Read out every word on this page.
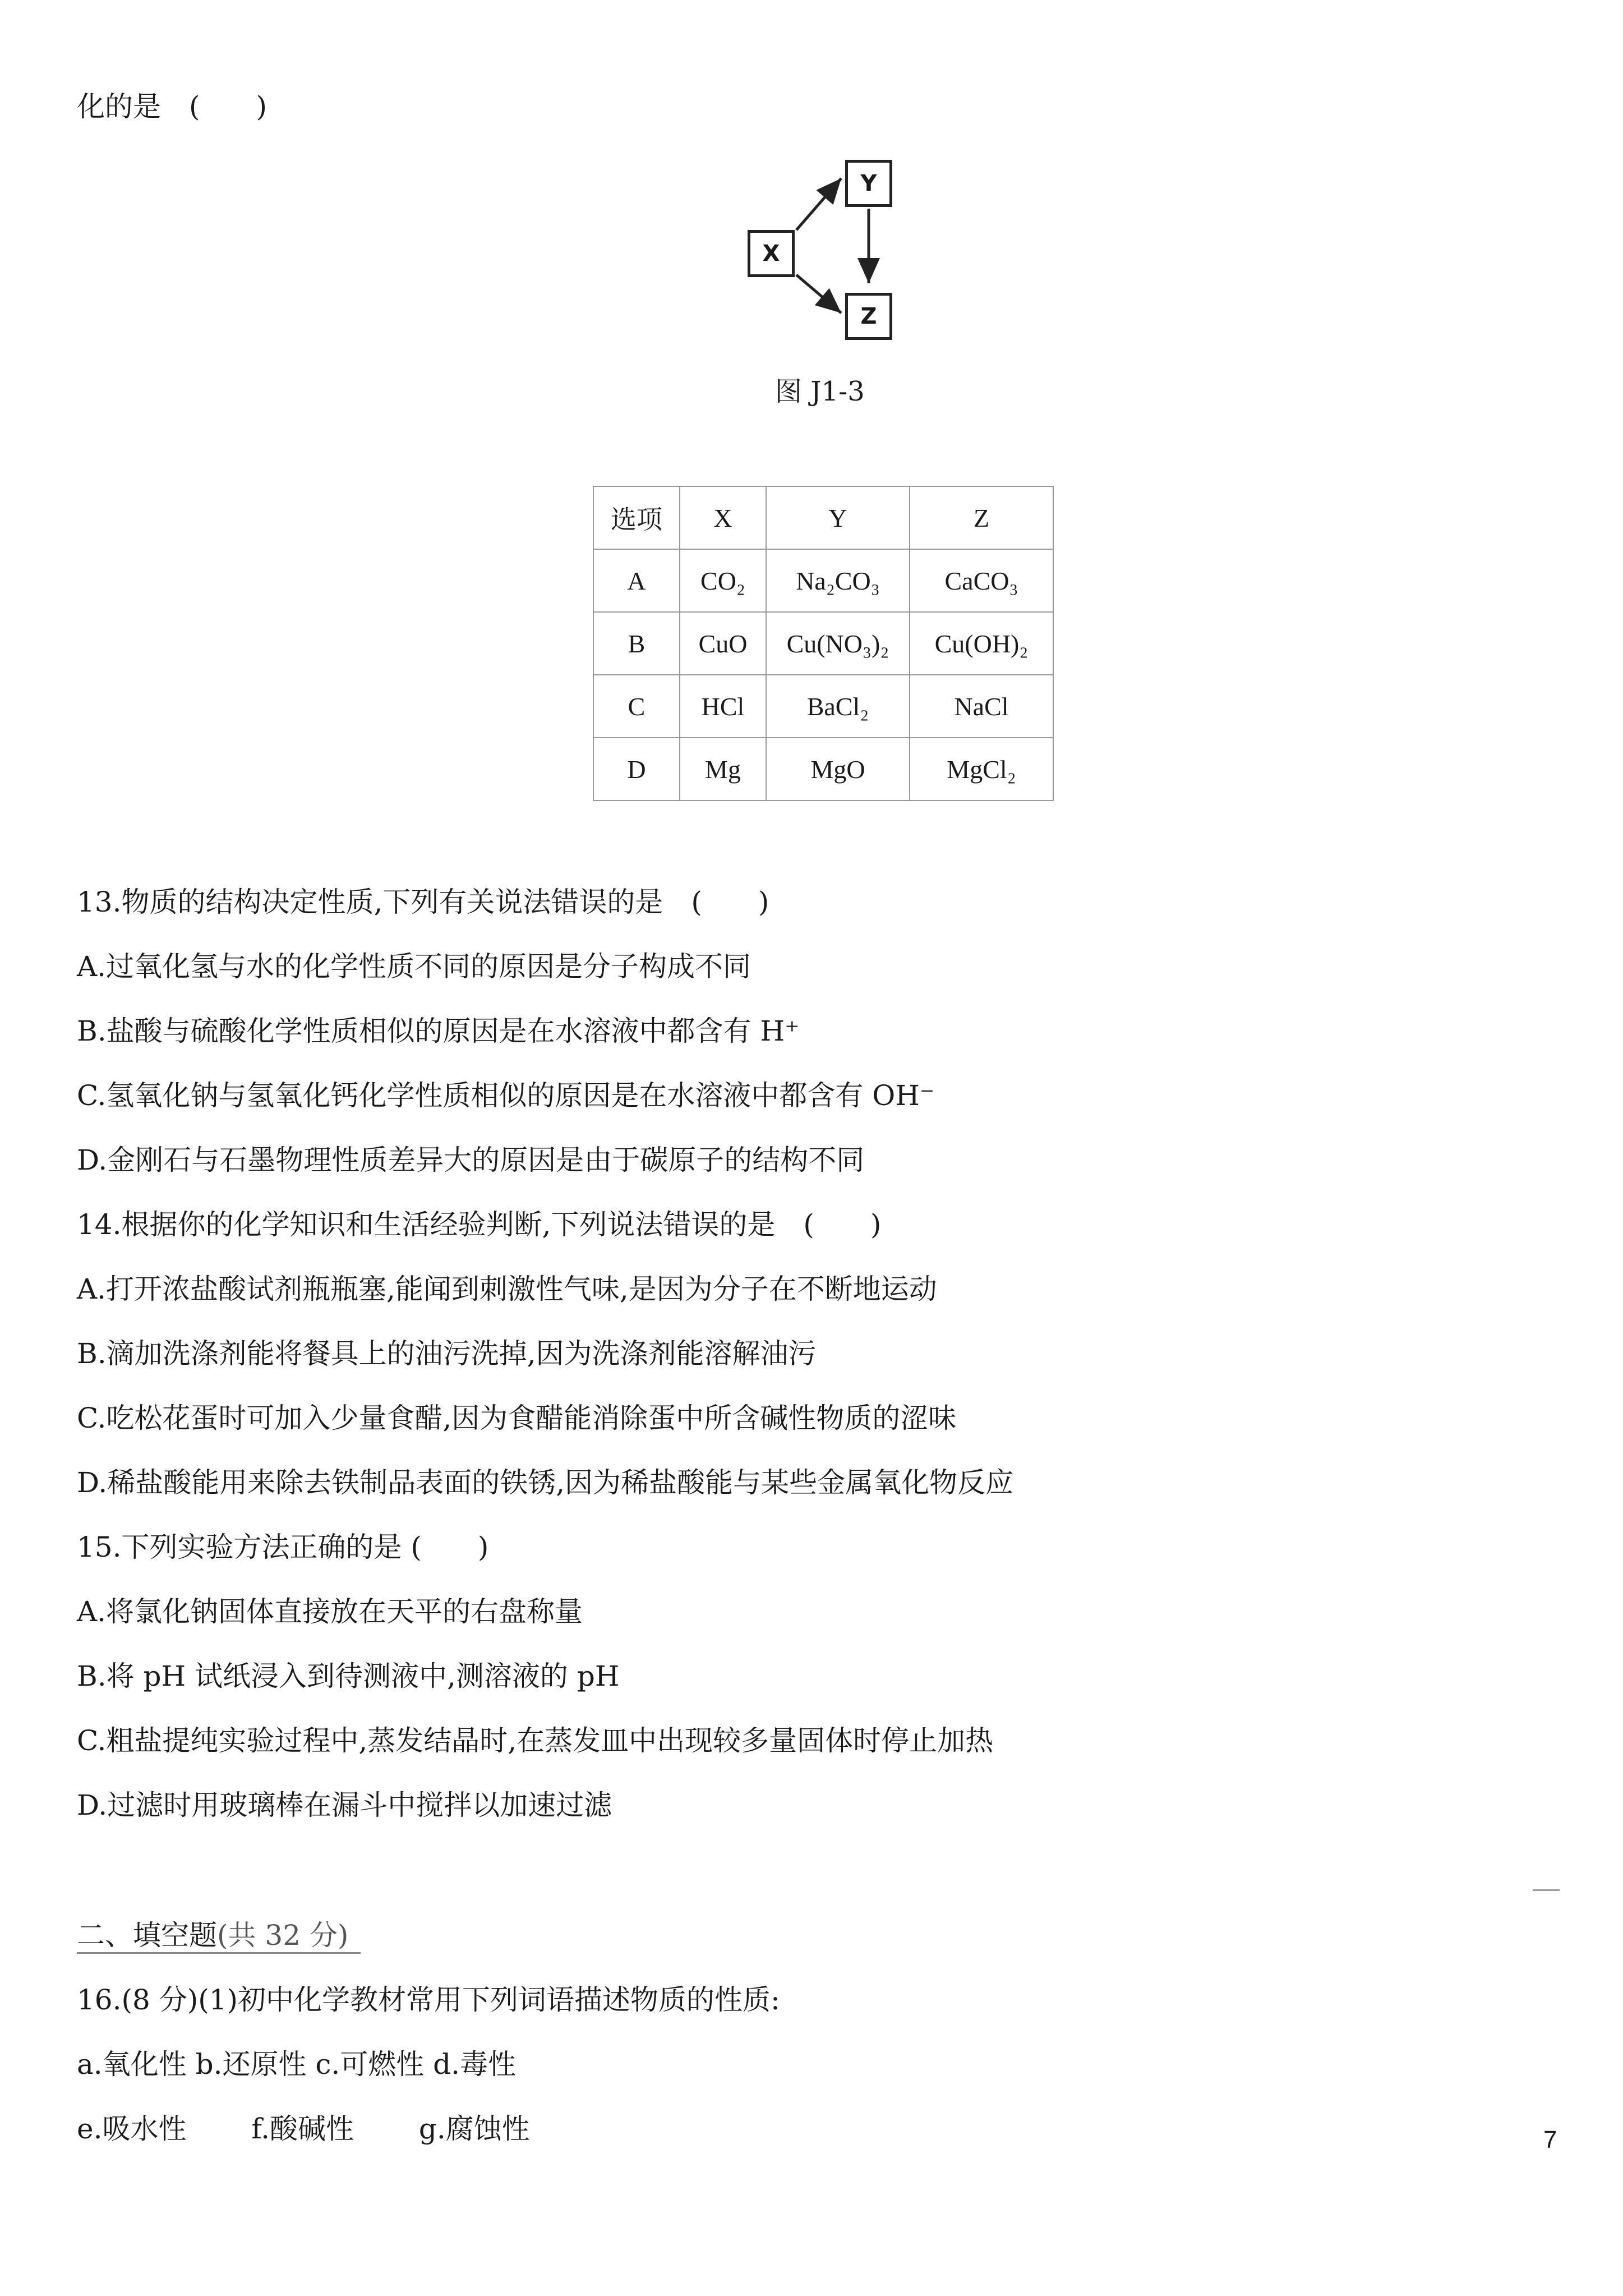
化的是　(　　)
X
Y
Z
图 J1-3
选项	X	Y	Z
A	CO₂	Na₂CO₃	CaCO₃
B	CuO	Cu(NO₃)₂	Cu(OH)₂
C	HCl	BaCl₂	NaCl
D	Mg	MgO	MgCl₂
13.物质的结构决定性质,下列有关说法错误的是　(　　)
A.过氧化氢与水的化学性质不同的原因是分子构成不同
B.盐酸与硫酸化学性质相似的原因是在水溶液中都含有 H⁺
C.氢氧化钠与氢氧化钙化学性质相似的原因是在水溶液中都含有 OH⁻
D.金刚石与石墨物理性质差异大的原因是由于碳原子的结构不同
14.根据你的化学知识和生活经验判断,下列说法错误的是　(　　)
A.打开浓盐酸试剂瓶瓶塞,能闻到刺激性气味,是因为分子在不断地运动
B.滴加洗涤剂能将餐具上的油污洗掉,因为洗涤剂能溶解油污
C.吃松花蛋时可加入少量食醋,因为食醋能消除蛋中所含碱性物质的涩味
D.稀盐酸能用来除去铁制品表面的铁锈,因为稀盐酸能与某些金属氧化物反应
15.下列实验方法正确的是 (　　)
A.将氯化钠固体直接放在天平的右盘称量
B.将 pH 试纸浸入到待测液中,测溶液的 pH
C.粗盐提纯实验过程中,蒸发结晶时,在蒸发皿中出现较多量固体时停止加热
D.过滤时用玻璃棒在漏斗中搅拌以加速过滤
二、填空题(共 32 分)
16.(8 分)(1)初中化学教材常用下列词语描述物质的性质:
a.氧化性 b.还原性 c.可燃性 d.毒性
e.吸水性　　 f.酸碱性　　 g.腐蚀性	7
